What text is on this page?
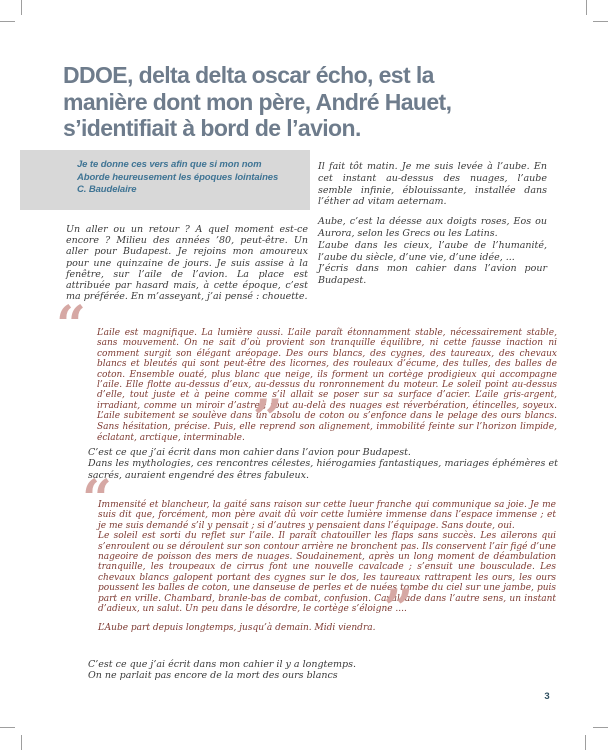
DDOE, delta delta oscar écho, est la
manière dont mon père, André Hauet,
s’identifiait à bord de l’avion.
Je te donne ces vers afin que si mon nom
Aborde heureusement les époques lointaines
C. Baudelaire
Un aller ou un retour ? A quel moment est-ce encore ? Milieu des années ’80, peut-être. Un aller pour Budapest. Je rejoins mon amoureux pour une quinzaine de jours. Je suis assise à la fenêtre, sur l’aile de l’avion. La place est attribuée par hasard mais, à cette époque, c’est ma préférée. En m’asseyant, j’ai pensé : chouette.
Il fait tôt matin. Je me suis levée à l’aube. En cet instant au-dessus des nuages, l’aube semble infinie, éblouissante, installée dans l’éther ad vitam aeternam.
Aube, c’est la déesse aux doigts roses, Eos ou Aurora, selon les Grecs ou les Latins.
L’aube dans les cieux, l’aube de l’humanité, l’aube du siècle, d’une vie, d’une idée, ...
J’écris dans mon cahier dans l’avion pour Budapest.
“ L’aile est magnifique. La lumière aussi. L’aile paraît étonnamment stable, nécessairement stable, sans mouvement. On ne sait d’où provient son tranquille équilibre, ni cette fausse inaction ni comment surgit son élégant aréopage. Des ours blancs, des cygnes, des taureaux, des chevaux blancs et bleutés qui sont peut-être des licornes, des rouleaux d’écume, des tulles, des balles de coton. Ensemble ouaté, plus blanc que neige, ils forment un cortège prodigieux qui accompagne l’aile. Elle flotte au-dessus d’eux, au-dessus du ronronnement du moteur. Le soleil point au-dessus d’elle, tout juste et à peine comme s’il allait se poser sur sa surface d’acier. L’aile gris-argent, irradiant, comme un miroir d’astre ; tout au-delà des nuages est réverbération, étincelles, soyeux. L’aile subitement se soulève dans un absolu de coton ou s’enfonce dans le pelage des ours blancs. Sans hésitation, précise. Puis, elle reprend son alignement, immobilité feinte sur l’horizon limpide, éclatant, arctique, interminable. ”
C’est ce que j’ai écrit dans mon cahier dans l’avion pour Budapest.
Dans les mythologies, ces rencontres célestes, hiérogamies fantastiques, mariages éphémères et sacrés, auraient engendré des êtres fabuleux.
“
Immensité et blancheur, la gaité sans raison sur cette lueur franche qui communique sa joie. Je me suis dit que, forcément, mon père avait dû voir cette lumière immense dans l’espace immense ; et je me suis demandé s’il y pensait ; si d’autres y pensaient dans l’équipage. Sans doute, oui.
Le soleil est sorti du reflet sur l’aile. Il paraît chatouiller les flaps sans succès. Les ailerons qui s’enroulent ou se déroulent sur son contour arrière ne bronchent pas. Ils conservent l’air figé d’une nageoire de poisson des mers de nuages. Soudainement, après un long moment de déambulation tranquille, les troupeaux de cirrus font une nouvelle cavalcade ; s’ensuit une bousculade. Les chevaux blancs galopent portant des cygnes sur le dos, les taureaux rattrapent les ours, les ours poussent les balles de coton, une danseuse de perles et de nuées tombe du ciel sur une jambe, puis part en vrille. Chambard, branle-bas de combat, confusion. Cavalcade dans l’autre sens, un instant d’adieux, un salut. Un peu dans le désordre, le cortège s’éloigne ....
L’Aube part depuis longtemps, jusqu’à demain. Midi viendra. ”
C’est ce que j’ai écrit dans mon cahier il y a longtemps.
On ne parlait pas encore de la mort des ours blancs
3
